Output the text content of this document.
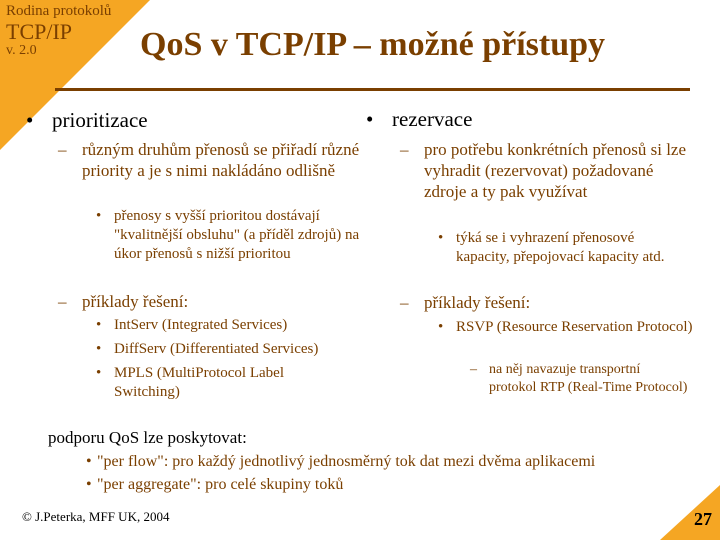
Rodina protokolů
TCP/IP
v. 2.0	QoS v TCP/IP – možné přístupy
• prioritizace
– různým druhům přenosů se přiřadí různé priority a je s nimi nakládáno odlišně
• přenosy s vyšší prioritou dostávají "kvalitnější obsluhu" (a příděl zdrojů) na úkor přenosů s nižší prioritou
– příklady řešení:
• IntServ (Integrated Services)
• DiffServ (Differentiated Services)
• MPLS (MultiProtocol Label Switching)
• rezervace
– pro potřebu konkrétních přenosů si lze vyhradit (rezervovat) požadované zdroje a ty pak využívat
• týká se i vyhrazení přenosové kapacity, přepojovací kapacity atd.
– příklady řešení:
• RSVP (Resource Reservation Protocol)
– na něj navazuje transportní protokol RTP (Real-Time Protocol)
podporu QoS lze poskytovat:
• "per flow": pro každý jednotlivý jednosměrný tok dat mezi dvěma aplikacemi
• "per aggregate": pro celé skupiny toků
© J.Peterka, MFF UK, 2004	27
